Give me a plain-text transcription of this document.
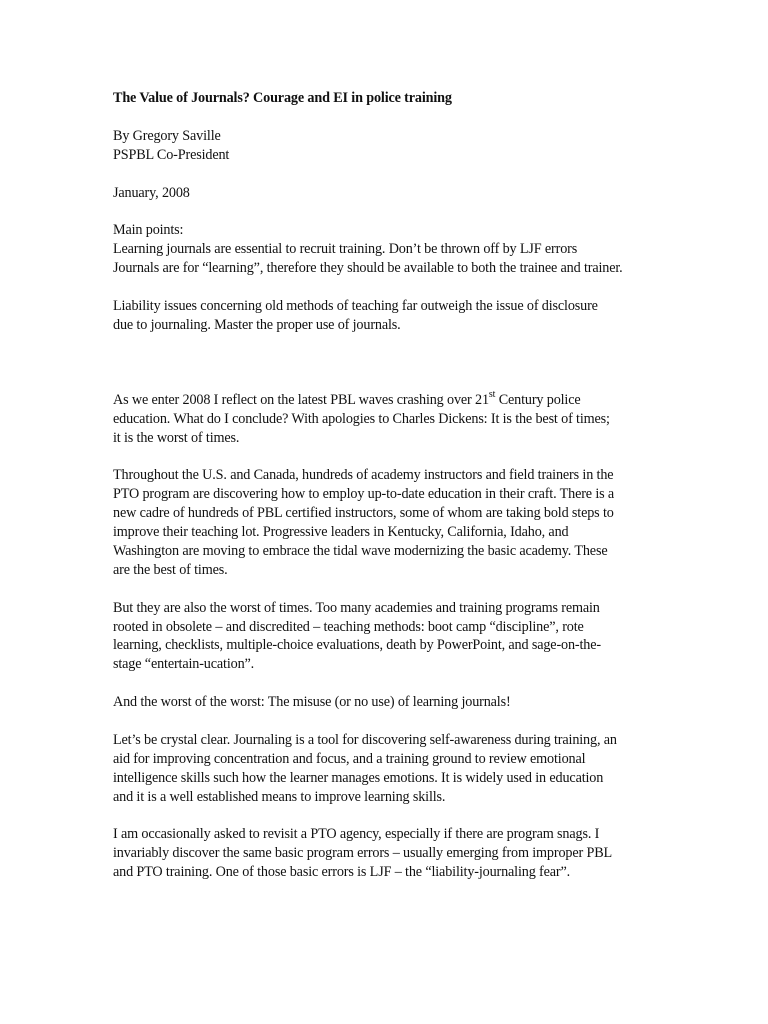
The Value of Journals? Courage and EI in police training
By Gregory Saville
PSPBL Co-President
January, 2008
Main points:
Learning journals are essential to recruit training. Don’t be thrown off by LJF errors
Journals are for “learning”, therefore they should be available to both the trainee and trainer.
Liability issues concerning old methods of teaching far outweigh the issue of disclosure
due to journaling. Master the proper use of journals.
As we enter 2008 I reflect on the latest PBL waves crashing over 21st Century police
education. What do I conclude? With apologies to Charles Dickens: It is the best of times;
it is the worst of times.
Throughout the U.S. and Canada, hundreds of academy instructors and field trainers in the
PTO program are discovering how to employ up-to-date education in their craft. There is a
new cadre of hundreds of PBL certified instructors, some of whom are taking bold steps to
improve their teaching lot. Progressive leaders in Kentucky, California, Idaho, and
Washington are moving to embrace the tidal wave modernizing the basic academy. These
are the best of times.
But they are also the worst of times. Too many academies and training programs remain
rooted in obsolete – and discredited – teaching methods: boot camp “discipline”, rote
learning, checklists, multiple-choice evaluations, death by PowerPoint, and sage-on-the-
stage “entertain-ucation”.
And the worst of the worst: The misuse (or no use) of learning journals!
Let’s be crystal clear. Journaling is a tool for discovering self-awareness during training, an
aid for improving concentration and focus, and a training ground to review emotional
intelligence skills such how the learner manages emotions. It is widely used in education
and it is a well established means to improve learning skills.
I am occasionally asked to revisit a PTO agency, especially if there are program snags. I
invariably discover the same basic program errors – usually emerging from improper PBL
and PTO training. One of those basic errors is LJF – the “liability-journaling fear”.
